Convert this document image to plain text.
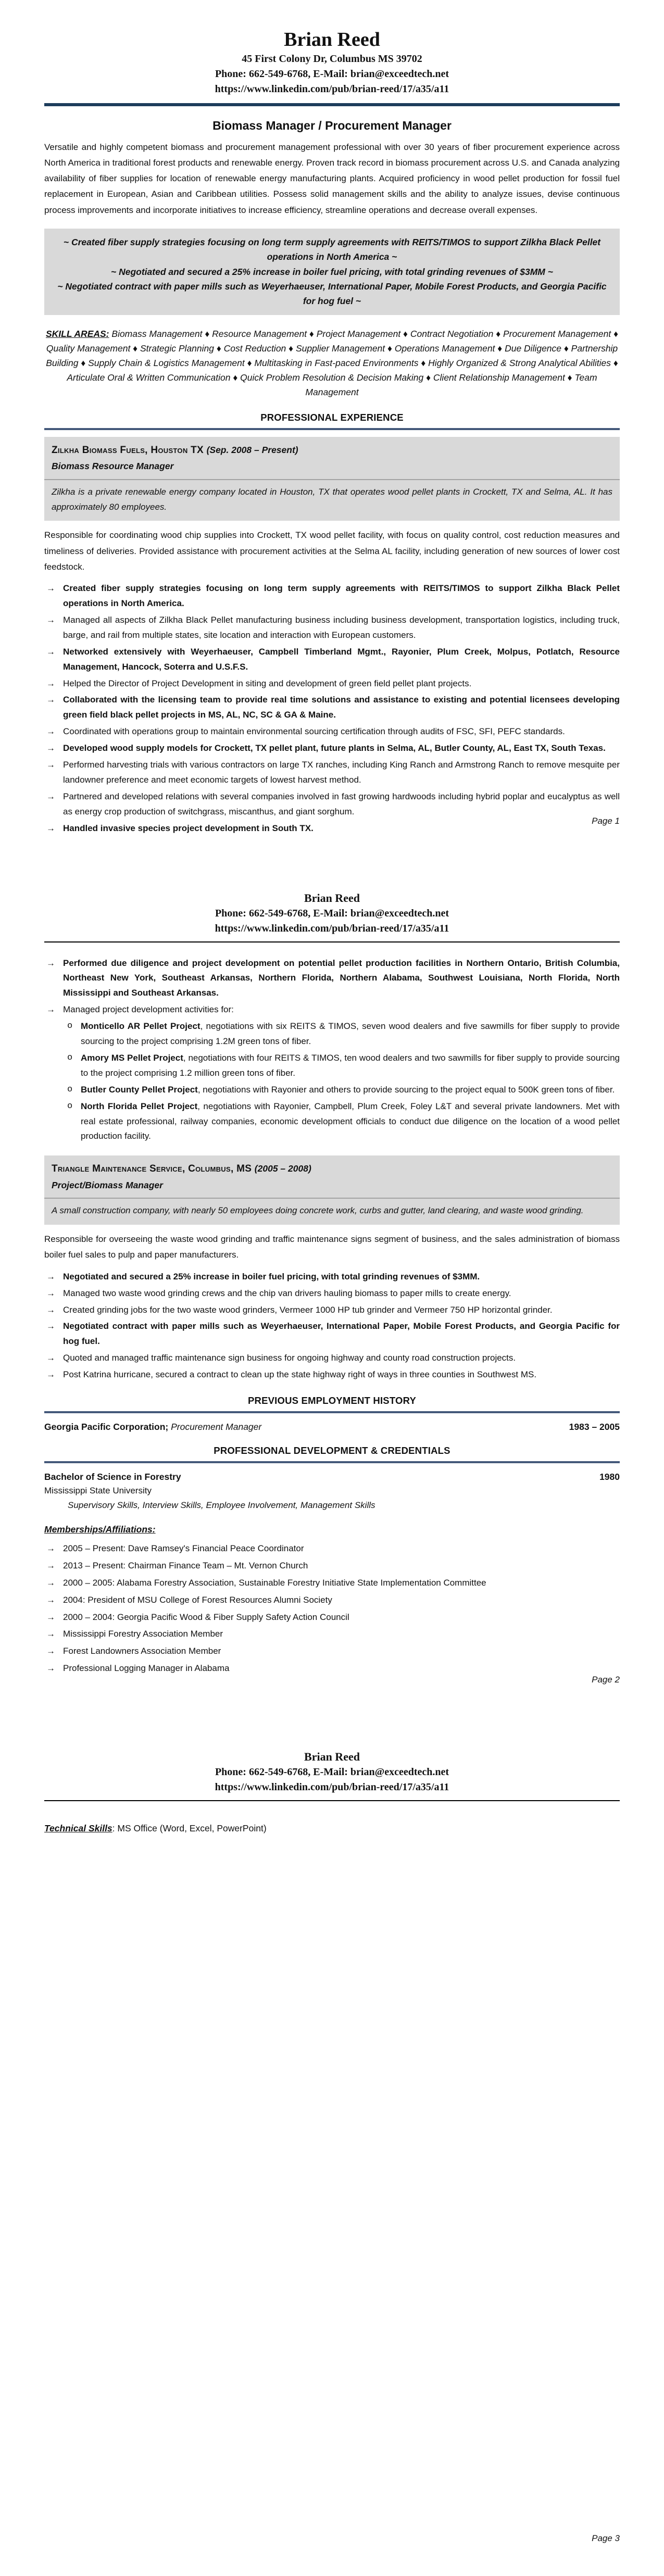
Brian Reed
45 First Colony Dr, Columbus MS 39702
Phone: 662-549-6768, E-Mail: brian@exceedtech.net
https://www.linkedin.com/pub/brian-reed/17/a35/a11
Biomass Manager / Procurement Manager
Versatile and highly competent biomass and procurement management professional with over 30 years of fiber procurement experience across North America in traditional forest products and renewable energy. Proven track record in biomass procurement across U.S. and Canada analyzing availability of fiber supplies for location of renewable energy manufacturing plants. Acquired proficiency in wood pellet production for fossil fuel replacement in European, Asian and Caribbean utilities. Possess solid management skills and the ability to analyze issues, devise continuous process improvements and incorporate initiatives to increase efficiency, streamline operations and decrease overall expenses.
~ Created fiber supply strategies focusing on long term supply agreements with REITS/TIMOS to support Zilkha Black Pellet operations in North America ~
~ Negotiated and secured a 25% increase in boiler fuel pricing, with total grinding revenues of $3MM ~
~ Negotiated contract with paper mills such as Weyerhaeuser, International Paper, Mobile Forest Products, and Georgia Pacific for hog fuel ~
SKILL AREAS: Biomass Management ♦ Resource Management ♦ Project Management ♦ Contract Negotiation ♦ Procurement Management ♦ Quality Management ♦ Strategic Planning ♦ Cost Reduction ♦ Supplier Management ♦ Operations Management ♦ Due Diligence ♦ Partnership Building ♦ Supply Chain & Logistics Management ♦ Multitasking in Fast-paced Environments ♦ Highly Organized & Strong Analytical Abilities ♦ Articulate Oral & Written Communication ♦ Quick Problem Resolution & Decision Making ♦ Client Relationship Management ♦ Team Management
PROFESSIONAL EXPERIENCE
Zilkha Biomass Fuels, Houston TX (Sep. 2008 – Present)
Biomass Resource Manager
Zilkha is a private renewable energy company located in Houston, TX that operates wood pellet plants in Crockett, TX and Selma, AL. It has approximately 80 employees.
Responsible for coordinating wood chip supplies into Crockett, TX wood pellet facility, with focus on quality control, cost reduction measures and timeliness of deliveries. Provided assistance with procurement activities at the Selma AL facility, including generation of new sources of lower cost feedstock.
→ Created fiber supply strategies focusing on long term supply agreements with REITS/TIMOS to support Zilkha Black Pellet operations in North America.
→ Managed all aspects of Zilkha Black Pellet manufacturing business including business development, transportation logistics, including truck, barge, and rail from multiple states, site location and interaction with European customers.
→ Networked extensively with Weyerhaeuser, Campbell Timberland Mgmt., Rayonier, Plum Creek, Molpus, Potlatch, Resource Management, Hancock, Soterra and U.S.F.S.
→ Helped the Director of Project Development in siting and development of green field pellet plant projects.
→ Collaborated with the licensing team to provide real time solutions and assistance to existing and potential licensees developing green field black pellet projects in MS, AL, NC, SC & GA & Maine.
→ Coordinated with operations group to maintain environmental sourcing certification through audits of FSC, SFI, PEFC standards.
→ Developed wood supply models for Crockett, TX pellet plant, future plants in Selma, AL, Butler County, AL, East TX, South Texas.
→ Performed harvesting trials with various contractors on large TX ranches, including King Ranch and Armstrong Ranch to remove mesquite per landowner preference and meet economic targets of lowest harvest method.
→ Partnered and developed relations with several companies involved in fast growing hardwoods including hybrid poplar and eucalyptus as well as energy crop production of switchgrass, miscanthus, and giant sorghum.
→ Handled invasive species project development in South TX.
Page 1
Brian Reed
Phone: 662-549-6768, E-Mail: brian@exceedtech.net
https://www.linkedin.com/pub/brian-reed/17/a35/a11
→ Performed due diligence and project development on potential pellet production facilities in Northern Ontario, British Columbia, Northeast New York, Southeast Arkansas, Northern Florida, Northern Alabama, Southwest Louisiana, North Florida, North Mississippi and Southeast Arkansas.
→ Managed project development activities for:
o Monticello AR Pellet Project, negotiations with six REITS & TIMOS, seven wood dealers and five sawmills for fiber supply to provide sourcing to the project comprising 1.2M green tons of fiber.
o Amory MS Pellet Project, negotiations with four REITS & TIMOS, ten wood dealers and two sawmills for fiber supply to provide sourcing to the project comprising 1.2 million green tons of fiber.
o Butler County Pellet Project, negotiations with Rayonier and others to provide sourcing to the project equal to 500K green tons of fiber.
o North Florida Pellet Project, negotiations with Rayonier, Campbell, Plum Creek, Foley L&T and several private landowners. Met with real estate professional, railway companies, economic development officials to conduct due diligence on the location of a wood pellet production facility.
Triangle Maintenance Service, Columbus, MS (2005 – 2008)
Project/Biomass Manager
A small construction company, with nearly 50 employees doing concrete work, curbs and gutter, land clearing, and waste wood grinding.
Responsible for overseeing the waste wood grinding and traffic maintenance signs segment of business, and the sales administration of biomass boiler fuel sales to pulp and paper manufacturers.
→ Negotiated and secured a 25% increase in boiler fuel pricing, with total grinding revenues of $3MM.
→ Managed two waste wood grinding crews and the chip van drivers hauling biomass to paper mills to create energy.
→ Created grinding jobs for the two waste wood grinders, Vermeer 1000 HP tub grinder and Vermeer 750 HP horizontal grinder.
→ Negotiated contract with paper mills such as Weyerhaeuser, International Paper, Mobile Forest Products, and Georgia Pacific for hog fuel.
→ Quoted and managed traffic maintenance sign business for ongoing highway and county road construction projects.
→ Post Katrina hurricane, secured a contract to clean up the state highway right of ways in three counties in Southwest MS.
PREVIOUS EMPLOYMENT HISTORY
Georgia Pacific Corporation; Procurement Manager	1983 – 2005
PROFESSIONAL DEVELOPMENT & CREDENTIALS
Bachelor of Science in Forestry	1980
Mississippi State University
Supervisory Skills, Interview Skills, Employee Involvement, Management Skills
Memberships/Affiliations:
→ 2005 – Present: Dave Ramsey's Financial Peace Coordinator
→ 2013 – Present: Chairman Finance Team – Mt. Vernon Church
→ 2000 – 2005: Alabama Forestry Association, Sustainable Forestry Initiative State Implementation Committee
→ 2004: President of MSU College of Forest Resources Alumni Society
→ 2000 – 2004: Georgia Pacific Wood & Fiber Supply Safety Action Council
→ Mississippi Forestry Association Member
→ Forest Landowners Association Member
→ Professional Logging Manager in Alabama
Page 2
Brian Reed
Phone: 662-549-6768, E-Mail: brian@exceedtech.net
https://www.linkedin.com/pub/brian-reed/17/a35/a11
Technical Skills: MS Office (Word, Excel, PowerPoint)
Page 3
